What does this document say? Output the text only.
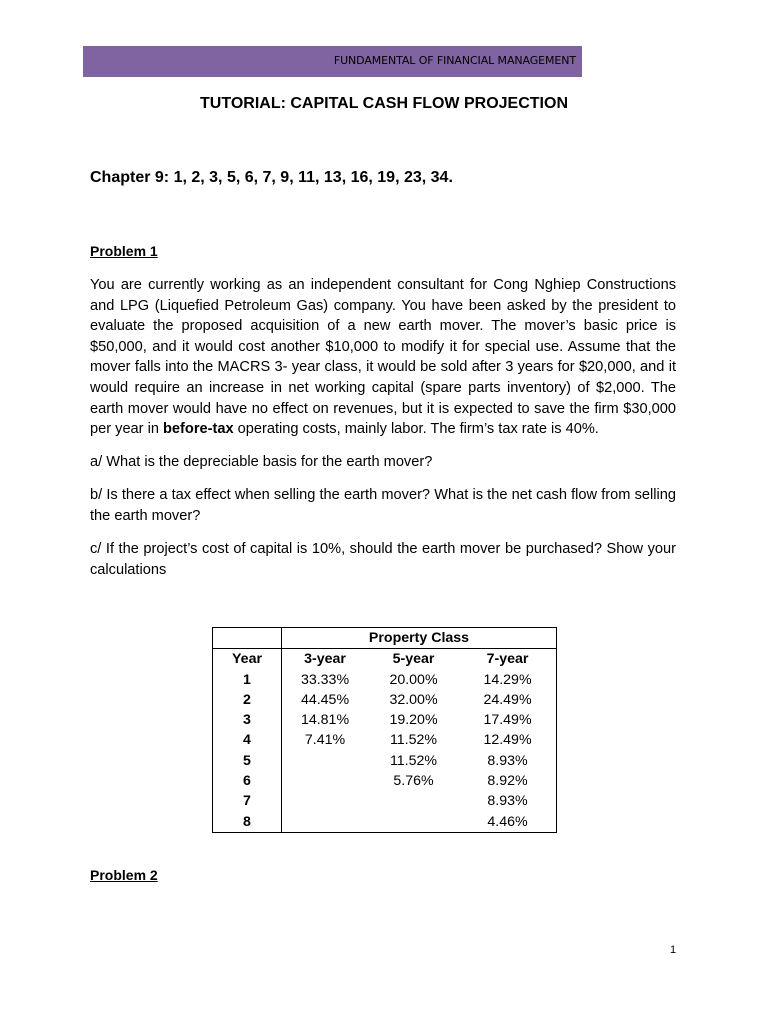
FUNDAMENTAL OF FINANCIAL MANAGEMENT
TUTORIAL: CAPITAL CASH FLOW PROJECTION
Chapter 9: 1, 2, 3, 5, 6, 7, 9, 11, 13, 16, 19, 23, 34.
Problem 1

You are currently working as an independent consultant for Cong Nghiep Constructions and LPG (Liquefied Petroleum Gas) company. You have been asked by the president to evaluate the proposed acquisition of a new earth mover. The mover’s basic price is $50,000, and it would cost another $10,000 to modify it for special use. Assume that the mover falls into the MACRS 3- year class, it would be sold after 3 years for $20,000, and it would require an increase in net working capital (spare parts inventory) of $2,000. The earth mover would have no effect on revenues, but it is expected to save the firm $30,000 per year in before-tax operating costs, mainly labor. The firm’s tax rate is 40%.

a/ What is the depreciable basis for the earth mover?

b/ Is there a tax effect when selling the earth mover? What is the net cash flow from selling the earth mover?

c/ If the project’s cost of capital is 10%, should the earth mover be purchased? Show your calculations

	Property Class		
Year	3-year	5-year	7-year
1	33.33%	20.00%	14.29%
2	44.45%	32.00%	24.49%
3	14.81%	19.20%	17.49%
4	7.41%	11.52%	12.49%
5		11.52%	8.93%
6		5.76%	8.92%
7			8.93%
8			4.46%
Problem 2
1
